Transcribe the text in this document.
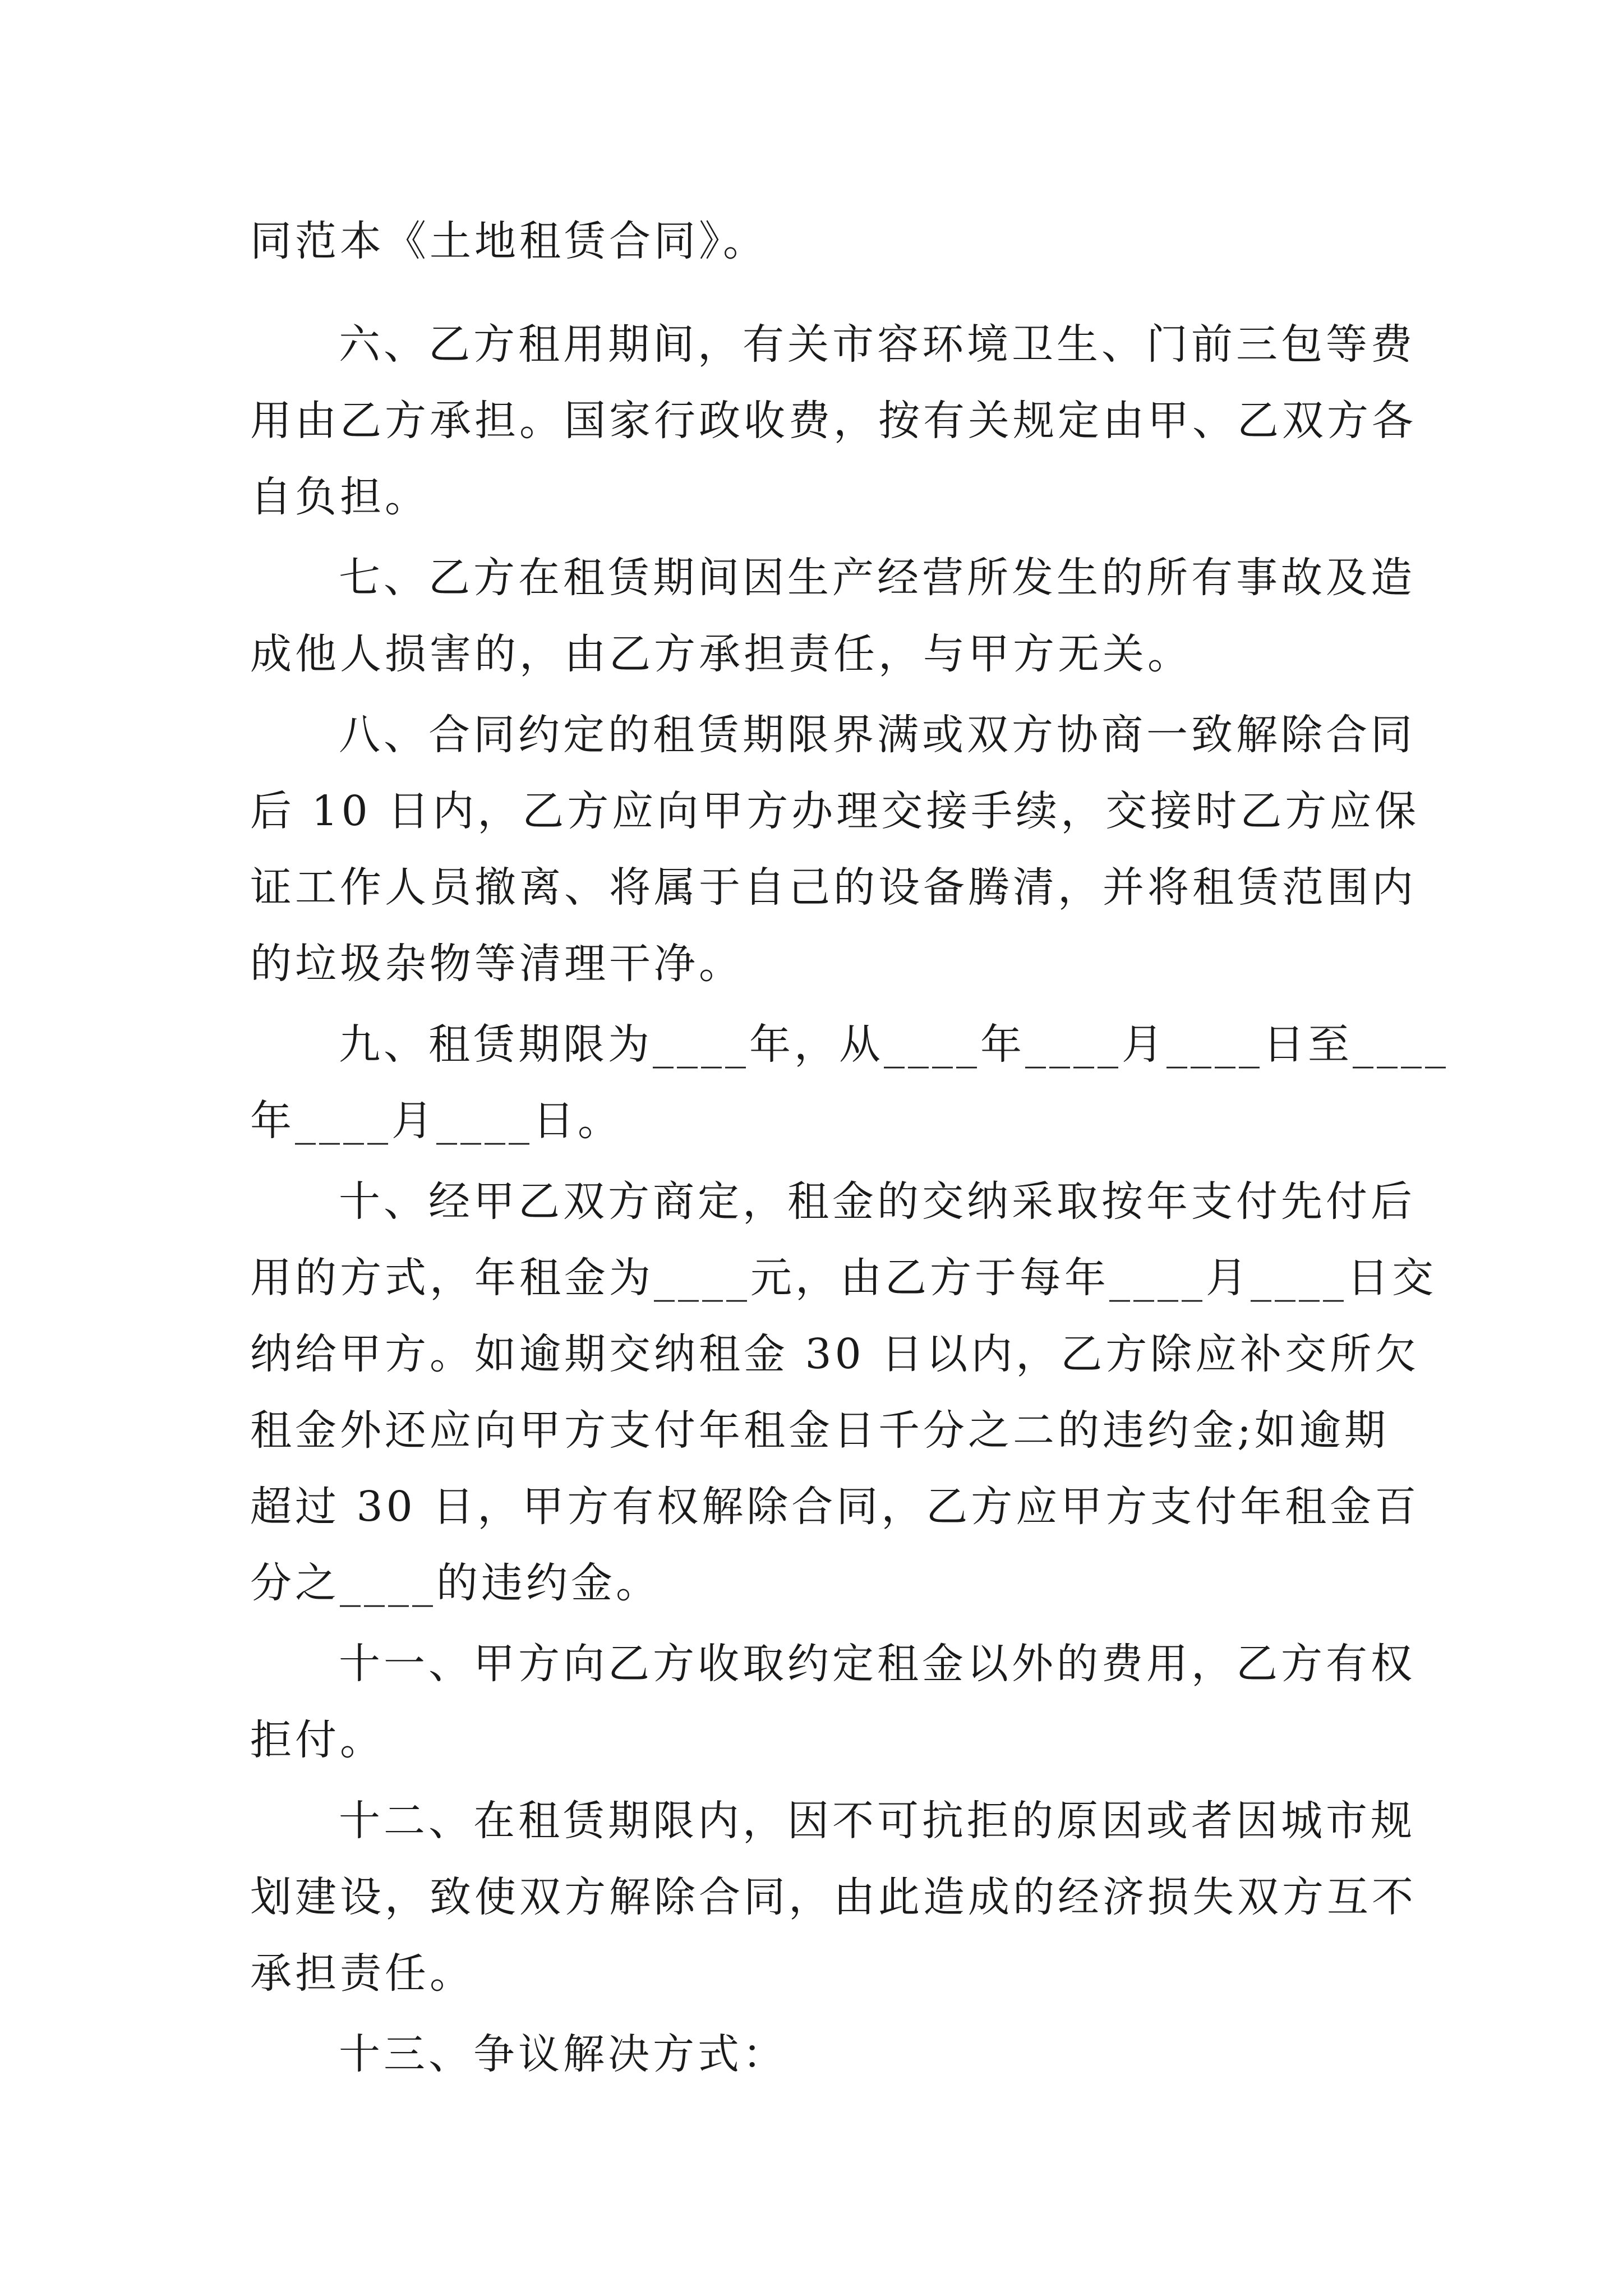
同范本《土地租赁合同》。
六、乙方租用期间，有关市容环境卫生、门前三包等费
用由乙方承担。国家行政收费，按有关规定由甲、乙双方各
自负担。
七、乙方在租赁期间因生产经营所发生的所有事故及造
成他人损害的，由乙方承担责任，与甲方无关。
八、合同约定的租赁期限界满或双方协商一致解除合同
后 10 日内，乙方应向甲方办理交接手续，交接时乙方应保
证工作人员撤离、将属于自己的设备腾清，并将租赁范围内
的垃圾杂物等清理干净。
九、租赁期限为____年，从____年____月____日至____
年____月____日。
十、经甲乙双方商定，租金的交纳采取按年支付先付后
用的方式，年租金为____元，由乙方于每年____月____日交
纳给甲方。如逾期交纳租金 30 日以内，乙方除应补交所欠
租金外还应向甲方支付年租金日千分之二的违约金;如逾期
超过 30 日，甲方有权解除合同，乙方应甲方支付年租金百
分之____的违约金。
十一、甲方向乙方收取约定租金以外的费用，乙方有权
拒付。
十二、在租赁期限内，因不可抗拒的原因或者因城市规
划建设，致使双方解除合同，由此造成的经济损失双方互不
承担责任。
十三、争议解决方式：
